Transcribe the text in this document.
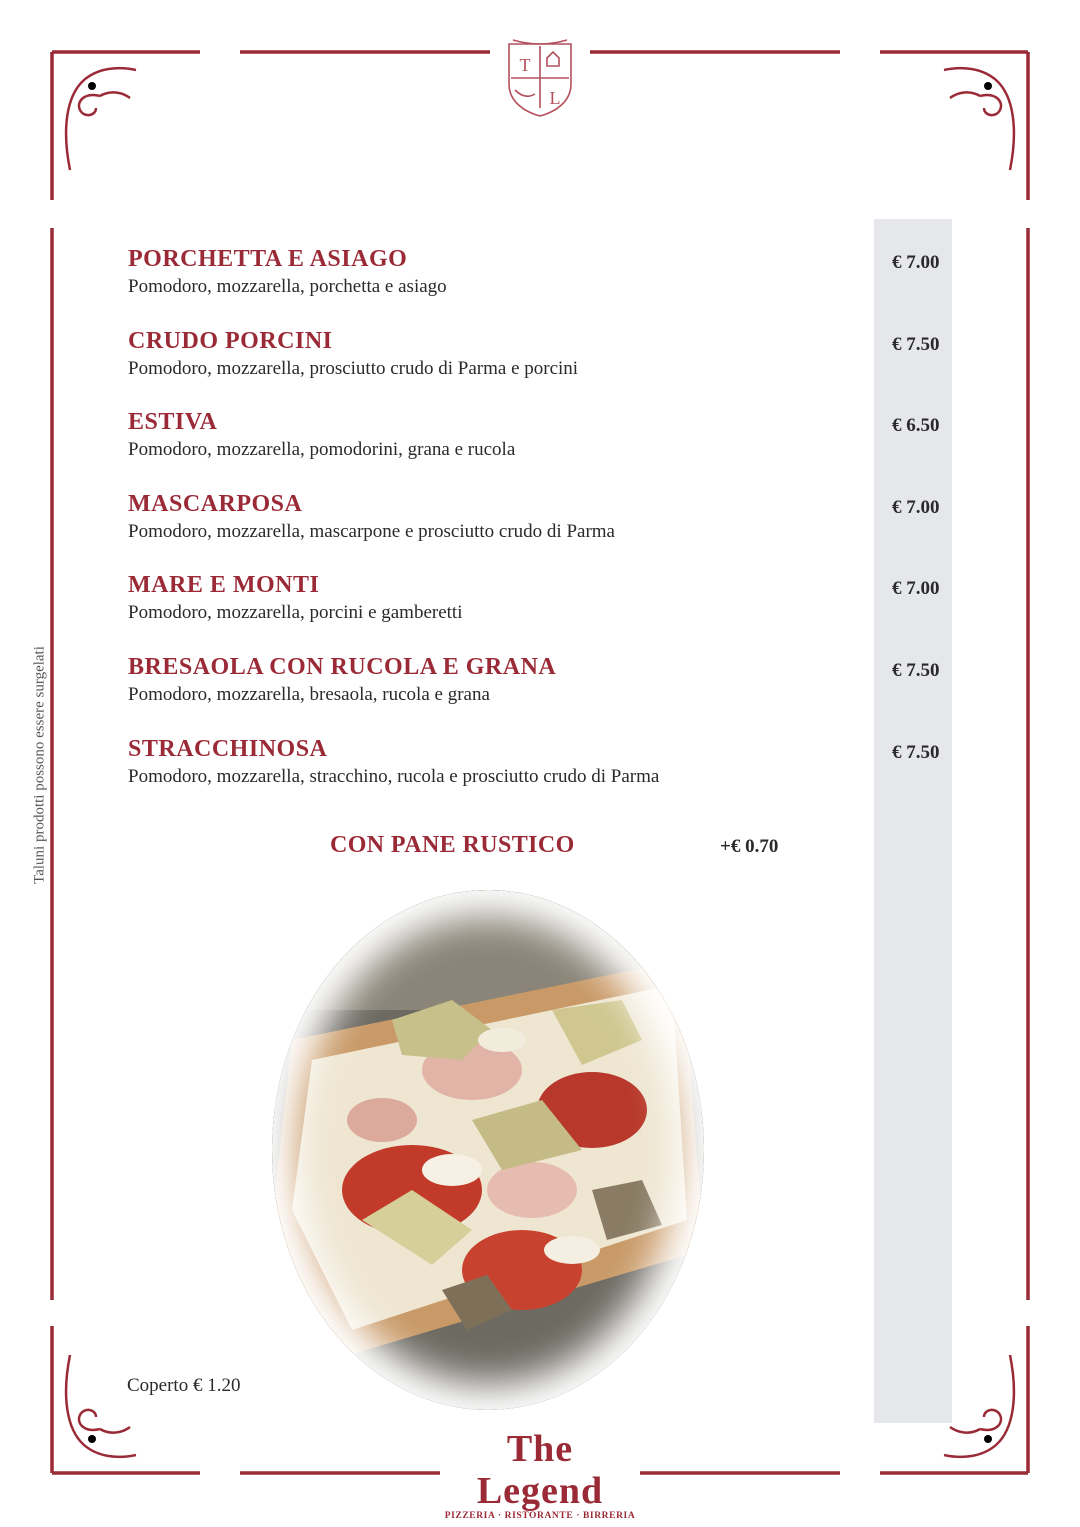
T
L
Taluni prodotti possono essere surgelati
PORCHETTA E ASIAGO
Pomodoro, mozzarella, porchetta e asiago
€ 7.00
CRUDO PORCINI
Pomodoro, mozzarella, prosciutto crudo di Parma e porcini
€ 7.50
ESTIVA
Pomodoro, mozzarella, pomodorini, grana e rucola
€ 6.50
MASCARPOSA
Pomodoro, mozzarella, mascarpone e prosciutto crudo di Parma
€ 7.00
MARE E MONTI
Pomodoro, mozzarella, porcini e gamberetti
€ 7.00
BRESAOLA CON RUCOLA E GRANA
Pomodoro, mozzarella, bresaola, rucola e grana
€ 7.50
STRACCHINOSA
Pomodoro, mozzarella, stracchino, rucola e prosciutto crudo di Parma
€ 7.50
CON PANE RUSTICO	+€ 0.70
Coperto € 1.20
The Legend
PIZZERIA · RISTORANTE · BIRRERIA
